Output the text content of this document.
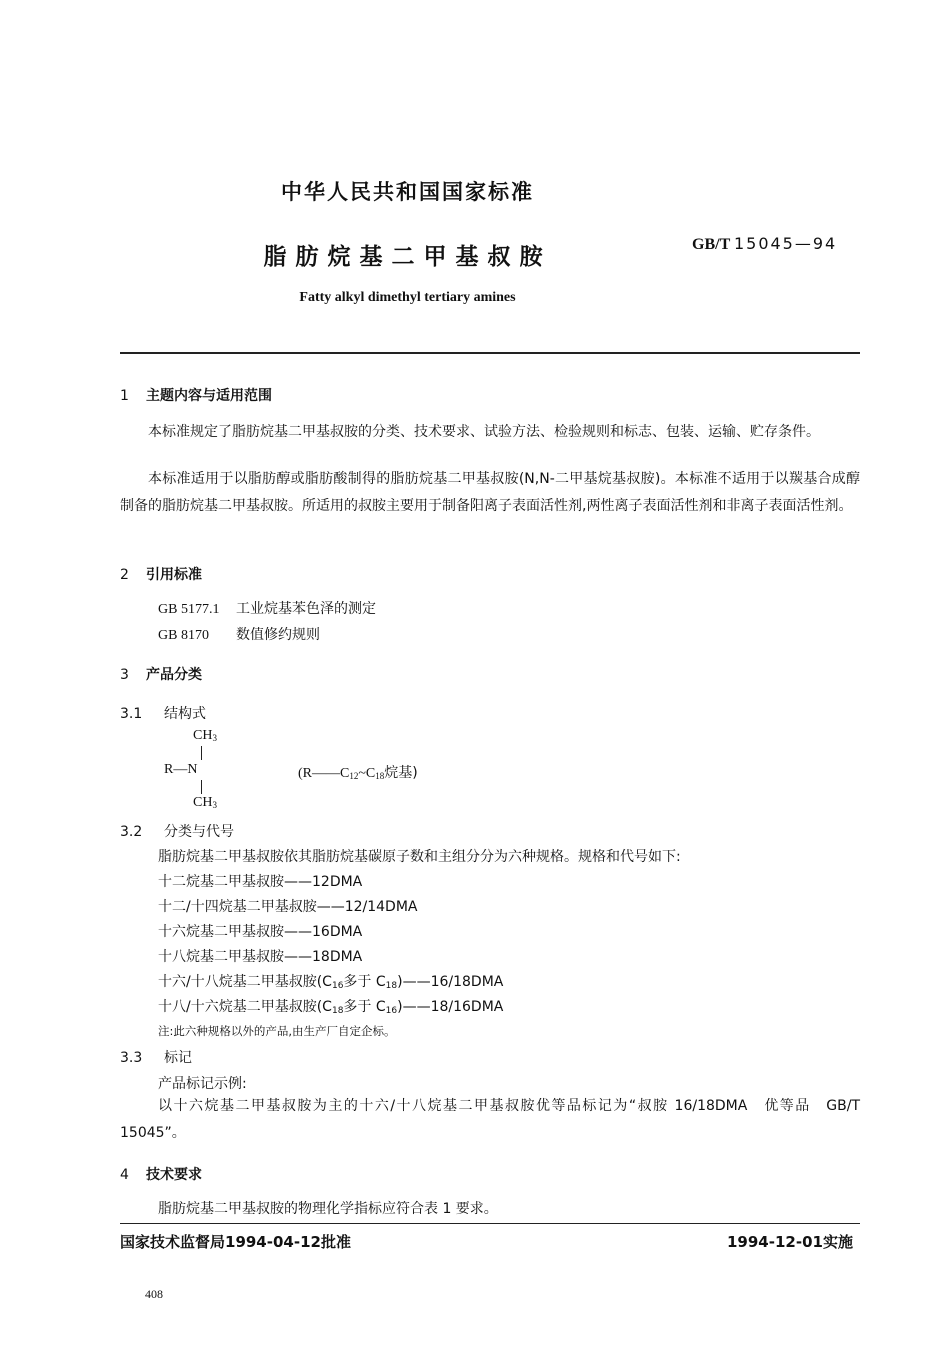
中华人民共和国国家标准
脂肪烷基二甲基叔胺	GB/T 15045—94
Fatty alkyl dimethyl tertiary amines
1 主题内容与适用范围

本标准规定了脂肪烷基二甲基叔胺的分类、技术要求、试验方法、检验规则和标志、包装、运输、贮存条件。

本标准适用于以脂肪醇或脂肪酸制得的脂肪烷基二甲基叔胺(N,N-二甲基烷基叔胺)。本标准不适用于以羰基合成醇制备的脂肪烷基二甲基叔胺。所适用的叔胺主要用于制备阳离子表面活性剂,两性离子表面活性剂和非离子表面活性剂。

2 引用标准
GB 5177.1 工业烷基苯色泽的测定
GB 8170 数值修约规则
3 产品分类
3.1 结构式
$CH_3$
R—N
$CH_3$
($R——C_{12}\sim C_{18}$烷基)
3.2 分类与代号
脂肪烷基二甲基叔胺依其脂肪烷基碳原子数和主组分分为六种规格。规格和代号如下:
十二烷基二甲基叔胺——12DMA
十二/十四烷基二甲基叔胺——12/14DMA
十六烷基二甲基叔胺——16DMA
十八烷基二甲基叔胺——18DMA
十六/十八烷基二甲基叔胺($C_{16}$多于 $C_{18})——16/18DMA$
十八/十六烷基二甲基叔胺($C_{18}$多于 $C_{16})——18/16DMA$
注:此六种规格以外的产品,由生产厂自定企标。
3.3 标记
产品标记示例:

以十六烷基二甲基叔胺为主的十六/十八烷基二甲基叔胺优等品标记为“叔胺 16/18DMA　优等品　GB/T 15045”。

4 技术要求
脂肪烷基二甲基叔胺的物理化学指标应符合表 1 要求。
国家技术监督局1994-04-12批准	1994-12-01实施
408
